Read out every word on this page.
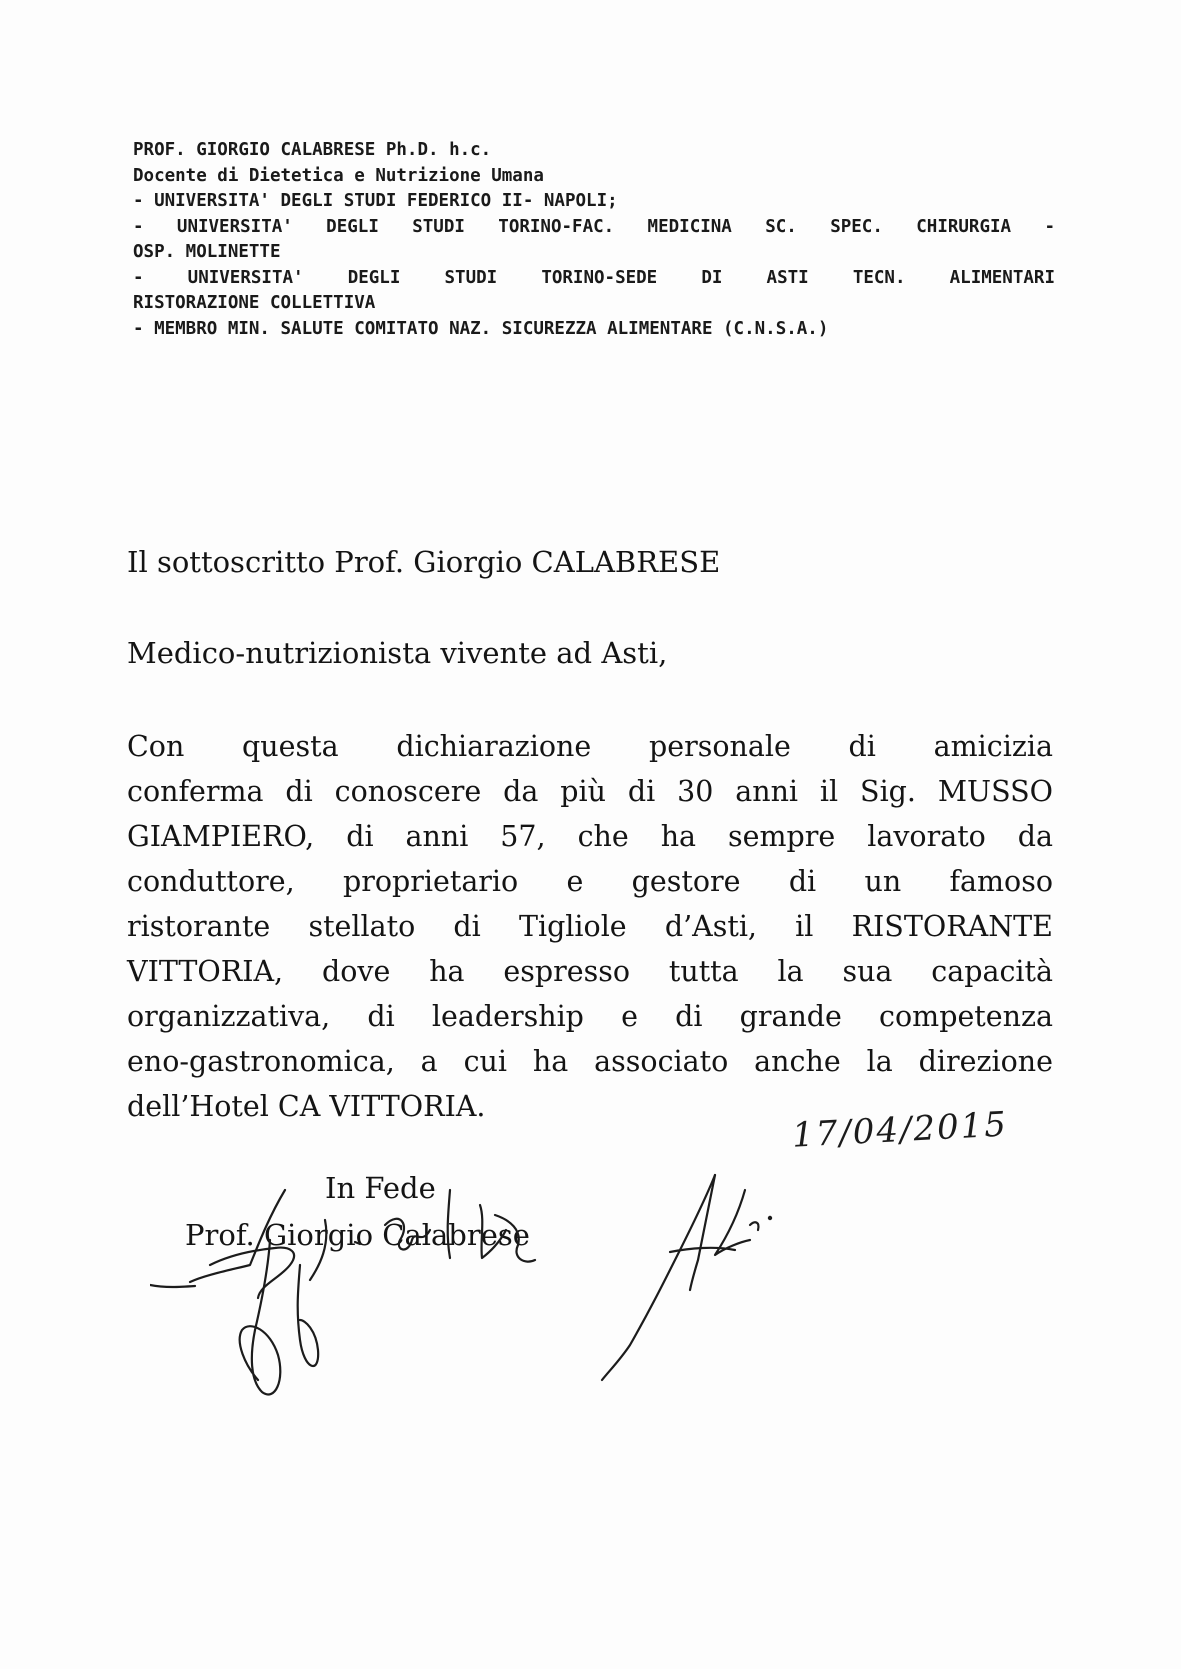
PROF. GIORGIO CALABRESE Ph.D. h.c.
Docente di Dietetica e Nutrizione Umana
- UNIVERSITA' DEGLI STUDI FEDERICO II- NAPOLI;
- UNIVERSITA' DEGLI STUDI TORINO-FAC. MEDICINA SC. SPEC. CHIRURGIA -
OSP. MOLINETTE
- UNIVERSITA' DEGLI STUDI TORINO-SEDE DI ASTI TECN. ALIMENTARI
RISTORAZIONE COLLETTIVA
- MEMBRO MIN. SALUTE COMITATO NAZ. SICUREZZA ALIMENTARE (C.N.S.A.)
Il sottoscritto Prof. Giorgio CALABRESE
Medico-nutrizionista vivente ad Asti,
Con questa dichiarazione personale di amicizia
conferma di conoscere da più di 30 anni il Sig. MUSSO
GIAMPIERO, di anni 57, che ha sempre lavorato da
conduttore, proprietario e gestore di un famoso
ristorante stellato di Tigliole d’Asti, il RISTORANTE
VITTORIA, dove ha espresso tutta la sua capacità
organizzativa, di leadership e di grande competenza
eno-gastronomica, a cui ha associato anche la direzione
dell’Hotel CA VITTORIA.
In Fede
Prof. Giorgio Calabrese
17/04/2015
